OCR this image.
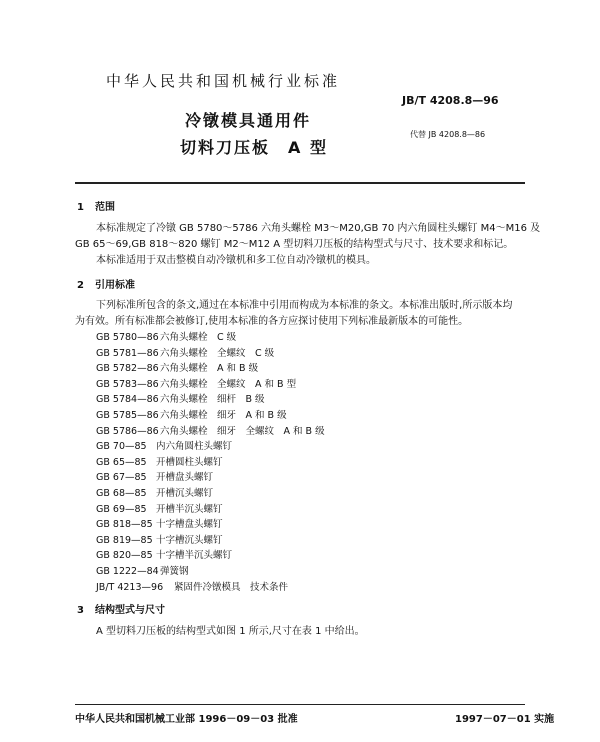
中华人民共和国机械行业标准
JB/T 4208.8—96
冷镦模具通用件
切料刀压板 A 型
代替 JB 4208.8—86
1 范围
本标准规定了冷镦 GB 5780～5786 六角头螺栓 M3～M20,GB 70 内六角圆柱头螺钉 M4～M16 及
GB 65～69,GB 818～820 螺钉 M2～M12 A 型切料刀压板的结构型式与尺寸、技术要求和标记。
本标准适用于双击整模自动冷镦机和多工位自动冷镦机的模具。
2 引用标准
下列标准所包含的条文,通过在本标准中引用而构成为本标准的条文。本标准出版时,所示版本均
为有效。所有标准都会被修订,使用本标准的各方应探讨使用下列标准最新版本的可能性。
GB 5780—86六角头螺栓　C 级
GB 5781—86六角头螺栓　全螺纹　C 级
GB 5782—86六角头螺栓　A 和 B 级
GB 5783—86六角头螺栓　全螺纹　A 和 B 型
GB 5784—86六角头螺栓　细杆　B 级
GB 5785—86六角头螺栓　细牙　A 和 B 级
GB 5786—86六角头螺栓　细牙　全螺纹　A 和 B 级
GB 70—85 内六角圆柱头螺钉
GB 65—85 开槽圆柱头螺钉
GB 67—85 开槽盘头螺钉
GB 68—85 开槽沉头螺钉
GB 69—85 开槽半沉头螺钉
GB 818—85 十字槽盘头螺钉
GB 819—85 十字槽沉头螺钉
GB 820—85 十字槽半沉头螺钉
GB 1222—84弹簧钢
JB/T 4213—96 紧固件冷镦模具　技术条件
3 结构型式与尺寸
A 型切料刀压板的结构型式如图 1 所示,尺寸在表 1 中给出。
中华人民共和国机械工业部 1996－09－03 批准	1997－07－01 实施
